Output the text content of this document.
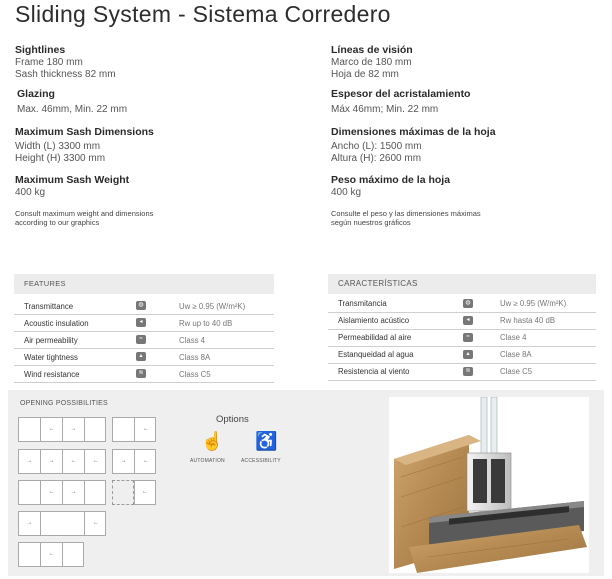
Sliding System - Sistema Corredero
Sightlines
Frame 180 mm
Sash thickness 82 mm
Glazing
Max. 46mm, Min. 22 mm
Maximum Sash Dimensions
Width (L) 3300 mm
Height (H) 3300 mm
Maximum Sash Weight
400 kg
Consult maximum weight and dimensions
according to our graphics
Líneas de visión
Marco de 180 mm
Hoja de 82 mm
Espesor del acristalamiento
Máx 46mm; Min. 22 mm
Dimensiones máximas de la hoja
Ancho (L): 1500 mm
Altura (H): 2600 mm
Peso máximo de la hoja
400 kg
Consulte el peso y las dimensiones máximas
según nuestros gráficos
FEATURES
Transmittance	◍	Uw ≥ 0.95 (W/m²K)
Acoustic insulation	◂	Rw up to 40 dB
Air permeability	≈	Class 4
Water tightness	▴	Class 8A
Wind resistance	≋	Class C5
CARACTERÍSTICAS
Transmitancia	◍	Uw ≥ 0.95 (W/m²K)
Aislamiento acústico	◂	Rw hasta 40 dB
Permeabilidad al aire	≈	Clase 4
Estanqueidad al agua	▴	Clase 8A
Resistencia al viento	≋	Clase C5
OPENING POSSIBILITIES
←	→	←
→	→	←	←	→	←
←	→	←
→	←
←
Options
☝ ♿
AUTOMATION	ACCESSIBILITY
